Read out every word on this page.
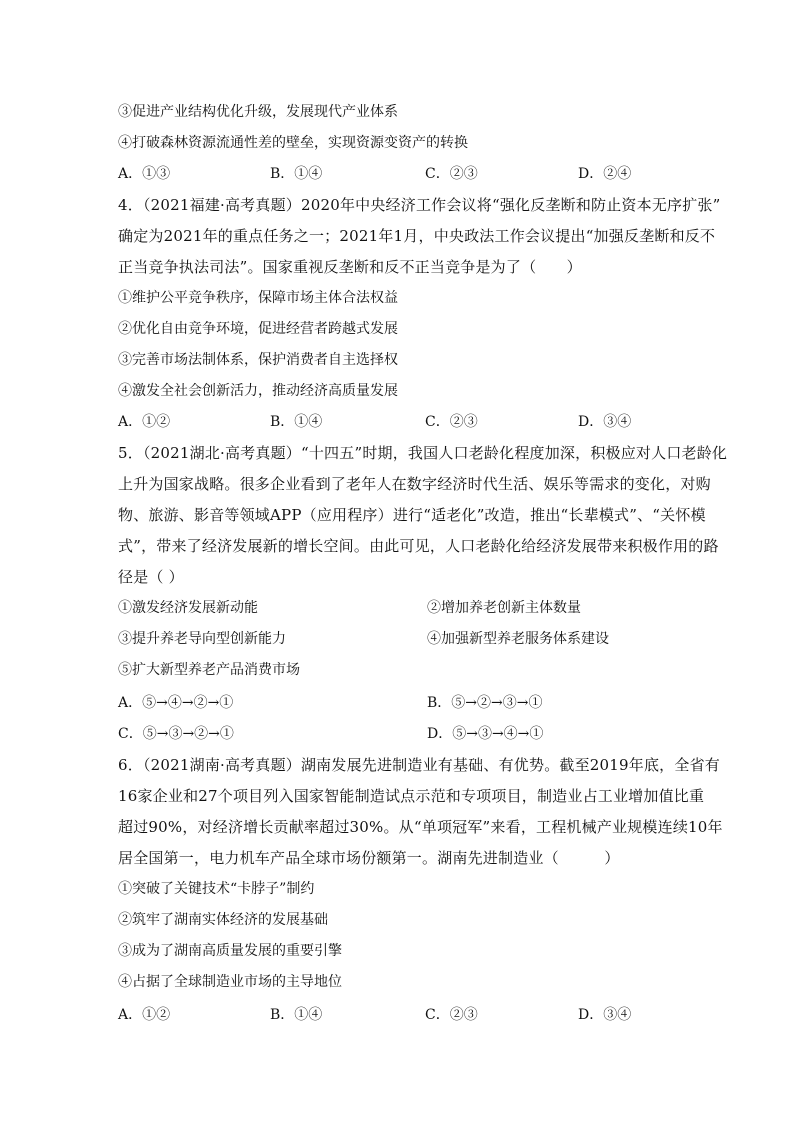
③促进产业结构优化升级，发展现代产业体系
④打破森林资源流通性差的壁垒，实现资源变资产的转换
A．①③	B．①④	C．②③	D．②④
4．（2021福建·高考真题）2020年中央经济工作会议将“强化反垄断和防止资本无序扩张”
确定为2021年的重点任务之一；2021年1月，中央政法工作会议提出“加强反垄断和反不
正当竞争执法司法”。国家重视反垄断和反不正当竞争是为了（　　）
①维护公平竞争秩序，保障市场主体合法权益
②优化自由竞争环境，促进经营者跨越式发展
③完善市场法制体系，保护消费者自主选择权
④激发全社会创新活力，推动经济高质量发展
A．①②	B．①④	C．②③	D．③④
5．（2021湖北·高考真题）“十四五”时期，我国人口老龄化程度加深，积极应对人口老龄化
上升为国家战略。很多企业看到了老年人在数字经济时代生活、娱乐等需求的变化，对购
物、旅游、影音等领域APP（应用程序）进行“适老化”改造，推出“长辈模式”、“关怀模
式”，带来了经济发展新的增长空间。由此可见，人口老龄化给经济发展带来积极作用的路
径是（ ）
①激发经济发展新动能	②增加养老创新主体数量
③提升养老导向型创新能力	④加强新型养老服务体系建设
⑤扩大新型养老产品消费市场
A．⑤→④→②→①	B．⑤→②→③→①
C．⑤→③→②→①	D．⑤→③→④→①
6．（2021湖南·高考真题）湖南发展先进制造业有基础、有优势。截至2019年底，全省有
16家企业和27个项目列入国家智能制造试点示范和专项项目，制造业占工业增加值比重
超过90%，对经济增长贡献率超过30%。从“单项冠军”来看，工程机械产业规模连续10年
居全国第一，电力机车产品全球市场份额第一。湖南先进制造业（　　　）
①突破了关键技术“卡脖子”制约
②筑牢了湖南实体经济的发展基础
③成为了湖南高质量发展的重要引擎
④占据了全球制造业市场的主导地位
A．①②	B．①④	C．②③	D．③④
